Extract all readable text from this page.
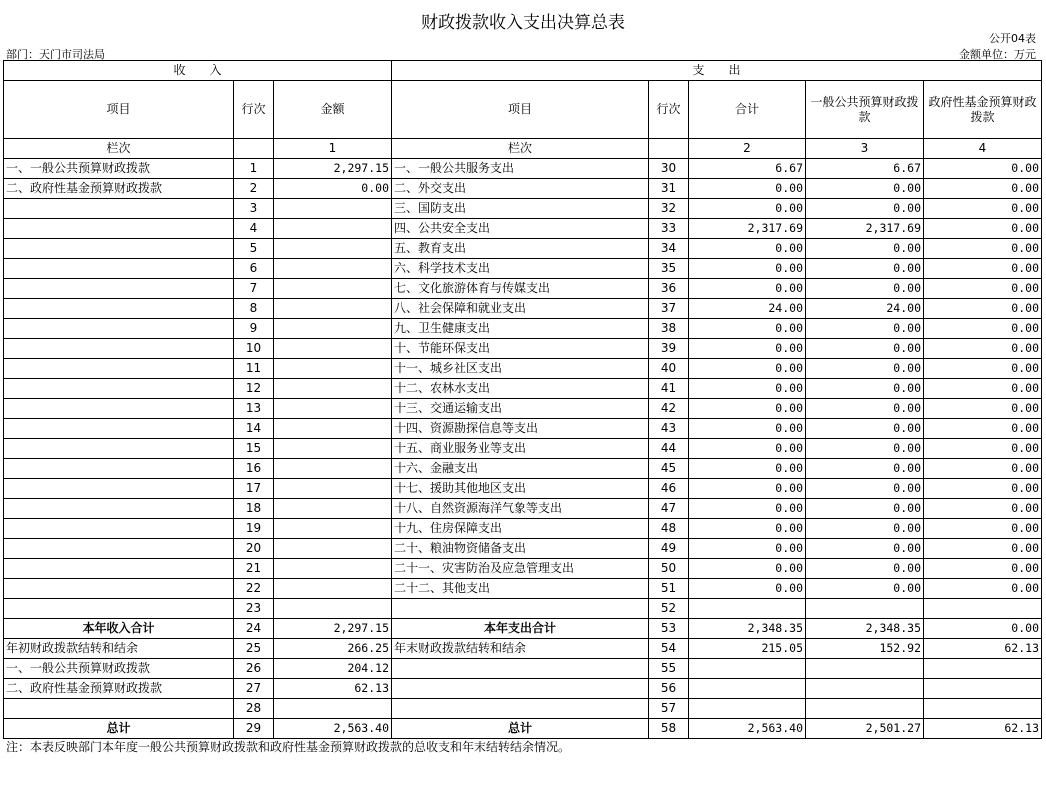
财政拨款收入支出决算总表
公开04表
部门：天门市司法局	金额单位：万元
收　　入			支　　出				
项目	行次	金额	项目	行次	合计	一般公共预算财政拨款	政府性基金预算财政拨款
栏次		1	栏次		2	3	4
一、一般公共预算财政拨款	1	2,297.15	一、一般公共服务支出	30	6.67	6.67	0.00
二、政府性基金预算财政拨款	2	0.00	二、外交支出	31	0.00	0.00	0.00
	3		三、国防支出	32	0.00	0.00	0.00
	4		四、公共安全支出	33	2,317.69	2,317.69	0.00
	5		五、教育支出	34	0.00	0.00	0.00
	6		六、科学技术支出	35	0.00	0.00	0.00
	7		七、文化旅游体育与传媒支出	36	0.00	0.00	0.00
	8		八、社会保障和就业支出	37	24.00	24.00	0.00
	9		九、卫生健康支出	38	0.00	0.00	0.00
	10		十、节能环保支出	39	0.00	0.00	0.00
	11		十一、城乡社区支出	40	0.00	0.00	0.00
	12		十二、农林水支出	41	0.00	0.00	0.00
	13		十三、交通运输支出	42	0.00	0.00	0.00
	14		十四、资源勘探信息等支出	43	0.00	0.00	0.00
	15		十五、商业服务业等支出	44	0.00	0.00	0.00
	16		十六、金融支出	45	0.00	0.00	0.00
	17		十七、援助其他地区支出	46	0.00	0.00	0.00
	18		十八、自然资源海洋气象等支出	47	0.00	0.00	0.00
	19		十九、住房保障支出	48	0.00	0.00	0.00
	20		二十、粮油物资储备支出	49	0.00	0.00	0.00
	21		二十一、灾害防治及应急管理支出	50	0.00	0.00	0.00
	22		二十二、其他支出	51	0.00	0.00	0.00
	23			52			
本年收入合计	24	2,297.15	本年支出合计	53	2,348.35	2,348.35	0.00
年初财政拨款结转和结余	25	266.25	年末财政拨款结转和结余	54	215.05	152.92	62.13
一、一般公共预算财政拨款	26	204.12		55			
二、政府性基金预算财政拨款	27	62.13		56			
	28			57			
总计	29	2,563.40	总计	58	2,563.40	2,501.27	62.13
注：本表反映部门本年度一般公共预算财政拨款和政府性基金预算财政拨款的总收支和年末结转结余情况。
